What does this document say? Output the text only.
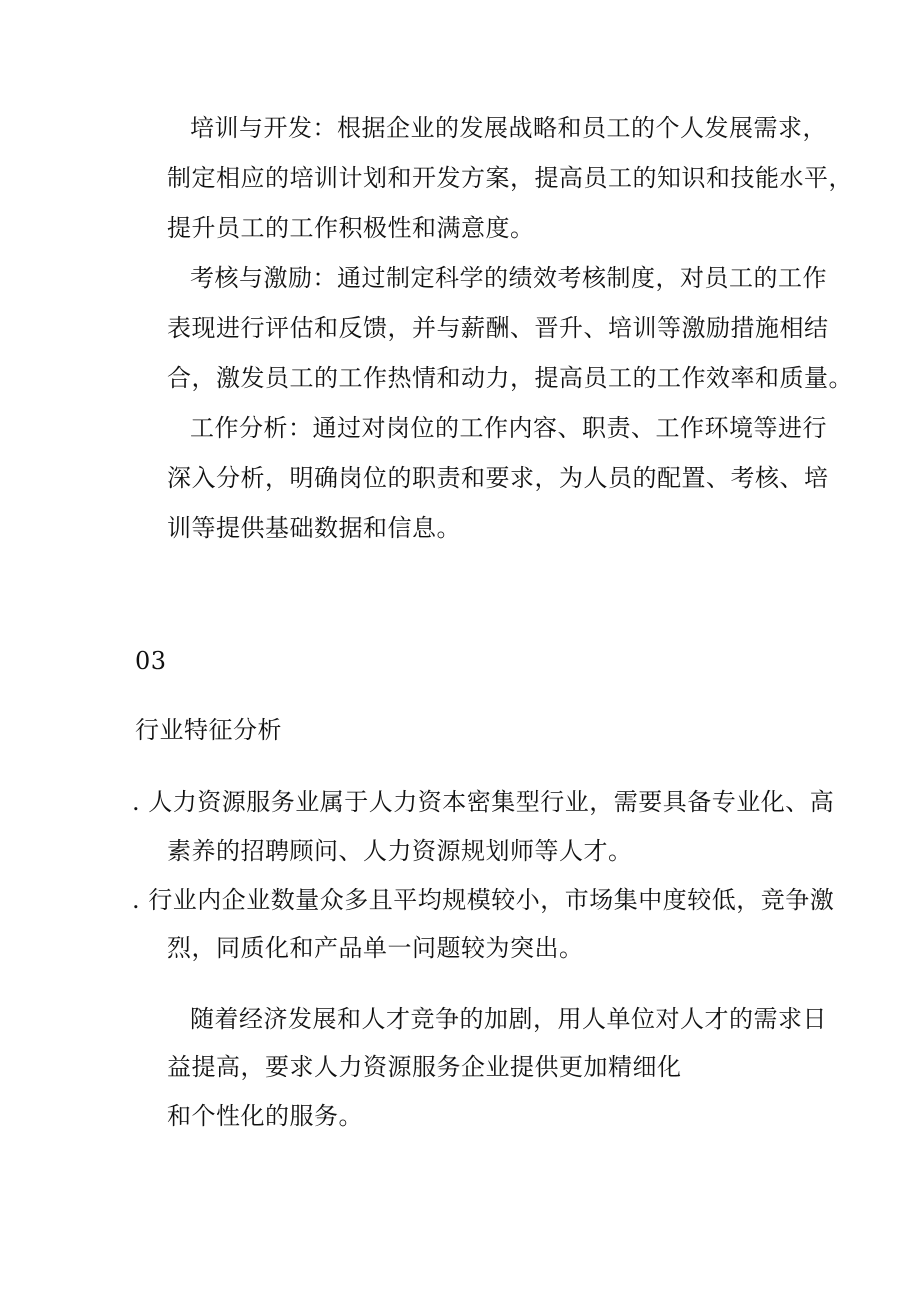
培训与开发：根据企业的发展战略和员工的个人发展需求，
制定相应的培训计划和开发方案，提高员工的知识和技能水平，
提升员工的工作积极性和满意度。
考核与激励：通过制定科学的绩效考核制度，对员工的工作
表现进行评估和反馈，并与薪酬、晋升、培训等激励措施相结
合，激发员工的工作热情和动力，提高员工的工作效率和质量。
工作分析：通过对岗位的工作内容、职责、工作环境等进行
深入分析，明确岗位的职责和要求，为人员的配置、考核、培
训等提供基础数据和信息。
03
行业特征分析
. 人力资源服务业属于人力资本密集型行业，需要具备专业化、高
素养的招聘顾问、人力资源规划师等人才。
. 行业内企业数量众多且平均规模较小，市场集中度较低，竞争激
烈，同质化和产品单一问题较为突出。
随着经济发展和人才竞争的加剧，用人单位对人才的需求日
益提高，要求人力资源服务企业提供更加精细化
和个性化的服务。
